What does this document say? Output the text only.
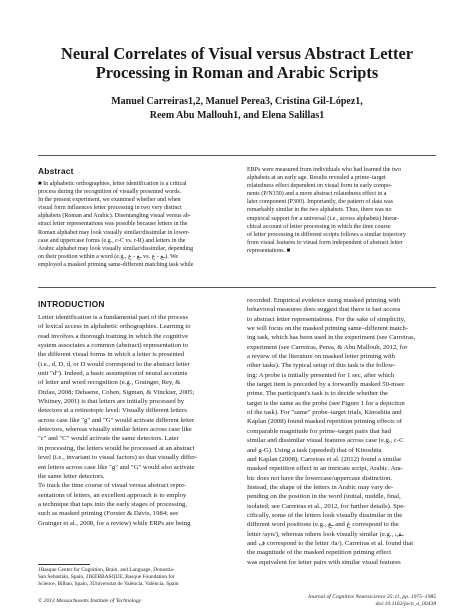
Neural Correlates of Visual versus Abstract Letter
Processing in Roman and Arabic Scripts
Manuel Carreiras1,2, Manuel Perea3, Cristina Gil-López1,
Reem Abu Mallouh1, and Elena Salillas1
Abstract
■ In alphabetic orthographies, letter identification is a critical
process during the recognition of visually presented words.
In the present experiment, we examined whether and when
visual form influences letter processing in two very distinct
alphabets (Roman and Arabic). Disentangling visual versus ab-
stract letter representations was possible because letters in the
Roman alphabet may look visually similar/dissimilar in lower-
case and uppercase forms (e.g., c-C vs. r-R) and letters in the
Arabic alphabet may look visually similar/dissimilar, depending
on their position within a word (e.g., ـغ - غ vs. ـع - ع). We
employed a masked priming same-different matching task while
ERPs were measured from individuals who had learned the two
alphabets at an early age. Results revealed a prime–target
relatedness effect dependent on visual form in early compo-
nents (P/N150) and a more abstract relatedness effect in a
later component (P300). Importantly, the pattern of data was
remarkably similar in the two alphabets. Thus, there was no
empirical support for a universal (i.e., across alphabets) hierar-
chical account of letter processing in which the time course
of letter processing in different scripts follows a similar trajectory
from visual features to visual form independent of abstract letter
representations. ■
INTRODUCTION
Letter identification is a fundamental part of the process
of lexical access in alphabetic orthographies. Learning to
read involves a thorough training in which the cognitive
system associates a common (abstract) representation to
the different visual forms in which a letter is presented
(i.e., d, D, d, or D would correspond to the abstract letter
unit "d"). Indeed, a basic assumption of neural accounts
of letter and word recognition (e.g., Grainger, Rey, &
Dufau, 2008; Dehaene, Cohen, Sigman, & Vinckier, 2005;
Whitney, 2001) is that letters are initially processed by
detectors at a retinotopic level: Visually different letters
across case like "g" and "G" would activate different letter
detectors, whereas visually similar letters across case like
"c" and "C" would activate the same detectors. Later
in processing, the letters would be processed at an abstract
level (i.e., invariant to visual factors) so that visually differ-
ent letters across case like "g" and "G" would also activate
the same letter detectors.
To track the time course of visual versus abstract repre-
sentations of letters, an excellent approach is to employ
a technique that taps into the early stages of processing,
such as masked priming (Forster & Davis, 1984; see
Grainger et al., 2008, for a review) while ERPs are being
recorded. Empirical evidence using masked priming with
behavioral measures does suggest that there is fast access
to abstract letter representations. For the sake of simplicity,
we will focus on the masked priming same–different match-
ing task, which has been used in the experiment (see Carreiras,
experiment (see Carreiras, Perea, & Abu Mallouh, 2012, for
a review of the literature on masked letter priming with
other tasks). The typical setup of this task is the follow-
ing: A probe is initially presented for 1 sec, after which
the target item is preceded by a forwardly masked 50-msec
prime. The participant's task is to decide whether the
target is the same as the probe (see Figure 1 for a depiction
of the task). For "same" probe–target trials, Kinoshita and
Kaplan (2008) found masked repetition priming effects of
comparable magnitude for prime–target pairs that had
similar and dissimilar visual features across case (e.g., c-C
and g-G). Using a task (speeded) that of Kinoshita
and Kaplan (2008), Carreiras et al. (2012) found a similar
masked repetition effect in an intricate script, Arabic. Ara-
bic does not have the lowercase/uppercase distinction.
Instead, the shape of the letters in Arabic may vary de-
pending on the position in the word (initial, middle, final,
isolated; see Carreiras et al., 2012, for further details). Spe-
cifically, some of the letters look visually dissimilar in the
different word positions (e.g., ـغ and غ correspond to the
letter /ayn/), whereas others look visually similar (e.g., ـف
and ف correspond to the letter /fa/). Carreiras et al. found that
the magnitude of the masked repetition priming effect
was equivalent for letter pairs with similar visual features
1Basque Center for Cognition, Brain, and Language, Donostia-
San Sebastián, Spain, 2IKERBASQUE, Basque Foundation for
Science, Bilbao, Spain, 3Universitat de València, València, Spain
© 2013 Massachusetts Institute of Technology
Journal of Cognitive Neuroscience 25:11, pp. 1975–1985
doi:10.1162/jocn_a_00438
